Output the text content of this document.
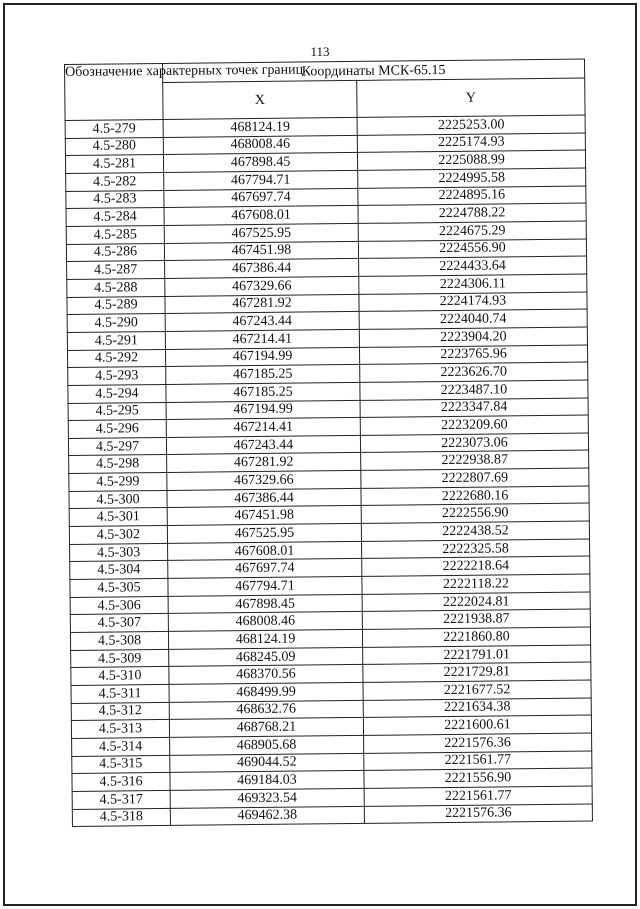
113
Обозначение характерных точек границ	Координаты МСК-65.15	
	X	Y
4.5-279	468124.19	2225253.00
4.5-280	468008.46	2225174.93
4.5-281	467898.45	2225088.99
4.5-282	467794.71	2224995.58
4.5-283	467697.74	2224895.16
4.5-284	467608.01	2224788.22
4.5-285	467525.95	2224675.29
4.5-286	467451.98	2224556.90
4.5-287	467386.44	2224433.64
4.5-288	467329.66	2224306.11
4.5-289	467281.92	2224174.93
4.5-290	467243.44	2224040.74
4.5-291	467214.41	2223904.20
4.5-292	467194.99	2223765.96
4.5-293	467185.25	2223626.70
4.5-294	467185.25	2223487.10
4.5-295	467194.99	2223347.84
4.5-296	467214.41	2223209.60
4.5-297	467243.44	2223073.06
4.5-298	467281.92	2222938.87
4.5-299	467329.66	2222807.69
4.5-300	467386.44	2222680.16
4.5-301	467451.98	2222556.90
4.5-302	467525.95	2222438.52
4.5-303	467608.01	2222325.58
4.5-304	467697.74	2222218.64
4.5-305	467794.71	2222118.22
4.5-306	467898.45	2222024.81
4.5-307	468008.46	2221938.87
4.5-308	468124.19	2221860.80
4.5-309	468245.09	2221791.01
4.5-310	468370.56	2221729.81
4.5-311	468499.99	2221677.52
4.5-312	468632.76	2221634.38
4.5-313	468768.21	2221600.61
4.5-314	468905.68	2221576.36
4.5-315	469044.52	2221561.77
4.5-316	469184.03	2221556.90
4.5-317	469323.54	2221561.77
4.5-318	469462.38	2221576.36
